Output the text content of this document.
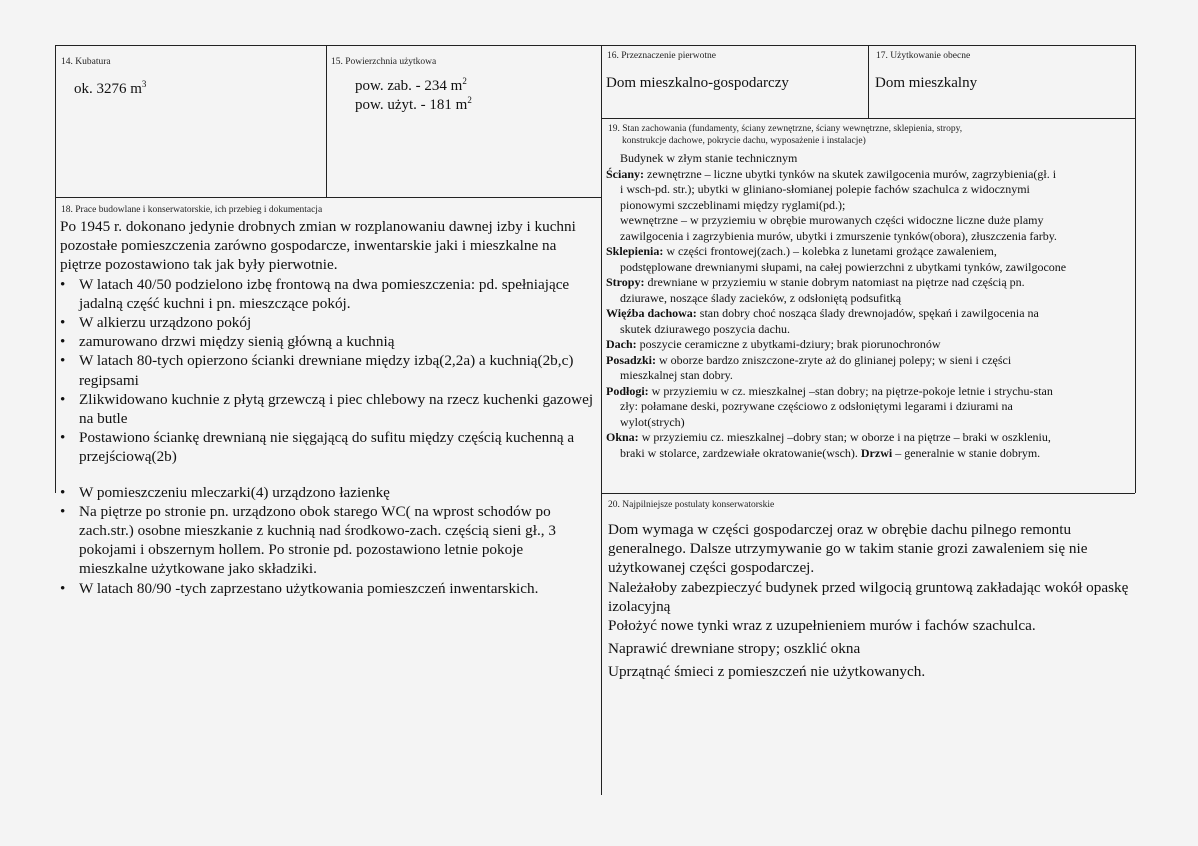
14. Kubatura
ok. 3276 $m^3$
15. Powierzchnia użytkowa
pow. zab. - 234 $m^2$
pow. użyt. - 181 $m^2$
16. Przeznaczenie pierwotne
Dom mieszkalno-gospodarczy
17. Użytkowanie obecne
Dom mieszkalny
19. Stan zachowania (fundamenty, ściany zewnętrzne, ściany wewnętrzne, sklepienia, stropy,
konstrukcje dachowe, pokrycie dachu, wyposażenie i instalacje)

Budynek w złym stanie technicznym

Ściany: zewnętrzne – liczne ubytki tynków na skutek zawilgocenia murów, zagrzybienia(gł. i

i wsch-pd. str.); ubytki w gliniano-słomianej polepie fachów szachulca z widocznymi

pionowymi szczeblinami między ryglami(pd.);

wewnętrzne – w przyziemiu w obrębie murowanych części widoczne liczne duże plamy

zawilgocenia i zagrzybienia murów, ubytki i zmurszenie tynków(obora), złuszczenia farby.

Sklepienia: w części frontowej(zach.) – kolebka z lunetami grożące zawaleniem,

podstęplowane drewnianymi słupami, na całej powierzchni z ubytkami tynków, zawilgocone

Stropy: drewniane w przyziemiu w stanie dobrym natomiast na piętrze nad częścią pn.

dziurawe, noszące ślady zacieków, z odsłoniętą podsufitką

Więźba dachowa: stan dobry choć nosząca ślady drewnojadów, spękań i zawilgocenia na

skutek dziurawego poszycia dachu.

Dach: poszycie ceramiczne z ubytkami-dziury; brak piorunochronów

Posadzki: w oborze bardzo zniszczone-zryte aż do glinianej polepy; w sieni i części

mieszkalnej stan dobry.

Podłogi: w przyziemiu w cz. mieszkalnej –stan dobry; na piętrze-pokoje letnie i strychu-stan

zły: połamane deski, pozrywane częściowo z odsłoniętymi legarami i dziurami na

wylot(strych)

Okna: w przyziemiu cz. mieszkalnej –dobry stan; w oborze i na piętrze – braki w oszkleniu,

braki w stolarce, zardzewiałe okratowanie(wsch). Drzwi – generalnie w stanie dobrym.

18. Prace budowlane i konserwatorskie, ich przebieg i dokumentacja

Po 1945 r. dokonano jedynie drobnych zmian w rozplanowaniu dawnej izby i kuchni pozostałe pomieszczenia zarówno gospodarcze, inwentarskie jaki i mieszkalne na piętrze pozostawiono tak jak były pierwotnie.

• W latach 40/50 podzielono izbę frontową na dwa pomieszczenia: pd. spełniające jadalną część kuchni i pn. mieszczące pokój.
• W alkierzu urządzono pokój
• zamurowano drzwi między sienią główną a kuchnią
• W latach 80-tych opierzono ścianki drewniane między izbą(2,2a) a kuchnią(2b,c) regipsami
• Zlikwidowano kuchnie z płytą grzewczą i piec chlebowy na rzecz kuchenki gazowej na butle
• Postawiono ściankę drewnianą nie sięgającą do sufitu między częścią kuchenną a przejściową(2b)
• W pomieszczeniu mleczarki(4) urządzono łazienkę
• Na piętrze po stronie pn. urządzono obok starego WC( na wprost schodów po zach.str.) osobne mieszkanie z kuchnią nad środkowo-zach. częścią sieni gł., 3 pokojami i obszernym hollem. Po stronie pd. pozostawiono letnie pokoje mieszkalne użytkowane jako składziki.
• W latach 80/90 -tych zaprzestano użytkowania pomieszczeń inwentarskich.
20. Najpilniejsze postulaty konserwatorskie

Dom wymaga w części gospodarczej oraz w obrębie dachu pilnego remontu generalnego. Dalsze utrzymywanie go w takim stanie grozi zawaleniem się nie użytkowanej części gospodarczej.

Należałoby zabezpieczyć budynek przed wilgocią gruntową zakładając wokół opaskę izolacyjną

Położyć nowe tynki wraz z uzupełnieniem murów i fachów szachulca.

Naprawić drewniane stropy; oszklić okna

Uprzątnąć śmieci z pomieszczeń nie użytkowanych.
